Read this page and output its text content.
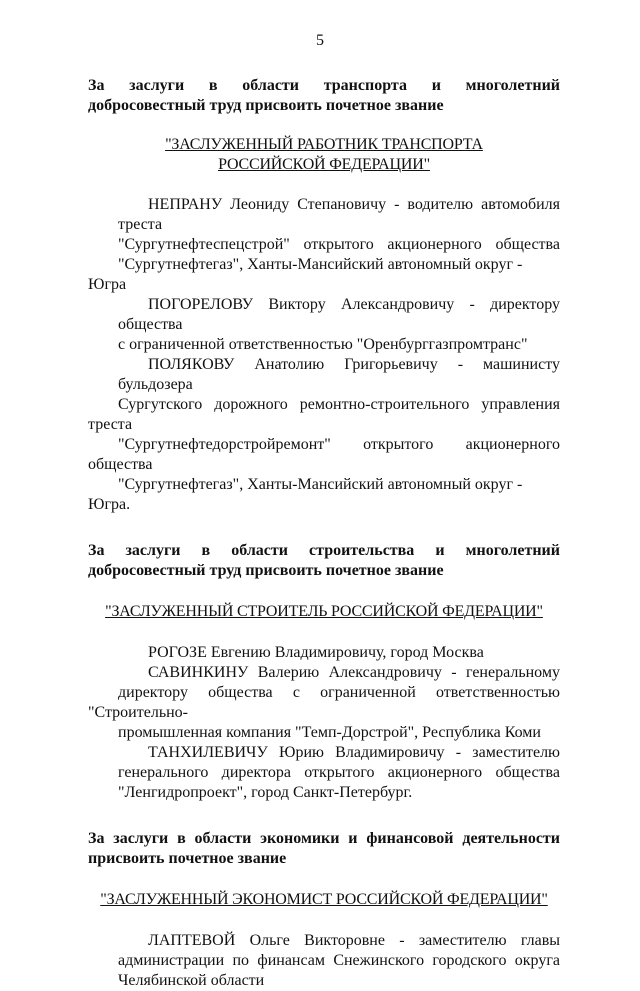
5
За заслуги в области транспорта и многолетний
добросовестный труд присвоить почетное звание
"ЗАСЛУЖЕННЫЙ РАБОТНИК ТРАНСПОРТА
РОССИЙСКОЙ ФЕДЕРАЦИИ"
НЕПРАНУ Леониду Степановичу - водителю автомобиля треста
"Сургутнефтеспецстрой" открытого акционерного общества
"Сургутнефтегаз", Ханты-Мансийский автономный округ - Югра
ПОГОРЕЛОВУ Виктору Александровичу - директору общества
с ограниченной ответственностью "Оренбурггазпромтранс"
ПОЛЯКОВУ Анатолию Григорьевичу - машинисту бульдозера
Сургутского дорожного ремонтно-строительного управления треста
"Сургутнефтедорстройремонт" открытого акционерного общества
"Сургутнефтегаз", Ханты-Мансийский автономный округ - Югра.
За заслуги в области строительства и многолетний
добросовестный труд присвоить почетное звание
"ЗАСЛУЖЕННЫЙ СТРОИТЕЛЬ РОССИЙСКОЙ ФЕДЕРАЦИИ"
РОГОЗЕ Евгению Владимировичу, город Москва
САВИНКИНУ Валерию Александровичу - генеральному
директору общества с ограниченной ответственностью "Строительно-
промышленная компания "Темп-Дорстрой", Республика Коми
ТАНХИЛЕВИЧУ Юрию Владимировичу - заместителю
генерального директора открытого акционерного общества
"Ленгидропроект", город Санкт-Петербург.
За заслуги в области экономики и финансовой деятельности
присвоить почетное звание
"ЗАСЛУЖЕННЫЙ ЭКОНОМИСТ РОССИЙСКОЙ ФЕДЕРАЦИИ"
ЛАПТЕВОЙ Ольге Викторовне - заместителю главы
администрации по финансам Снежинского городского округа
Челябинской области
